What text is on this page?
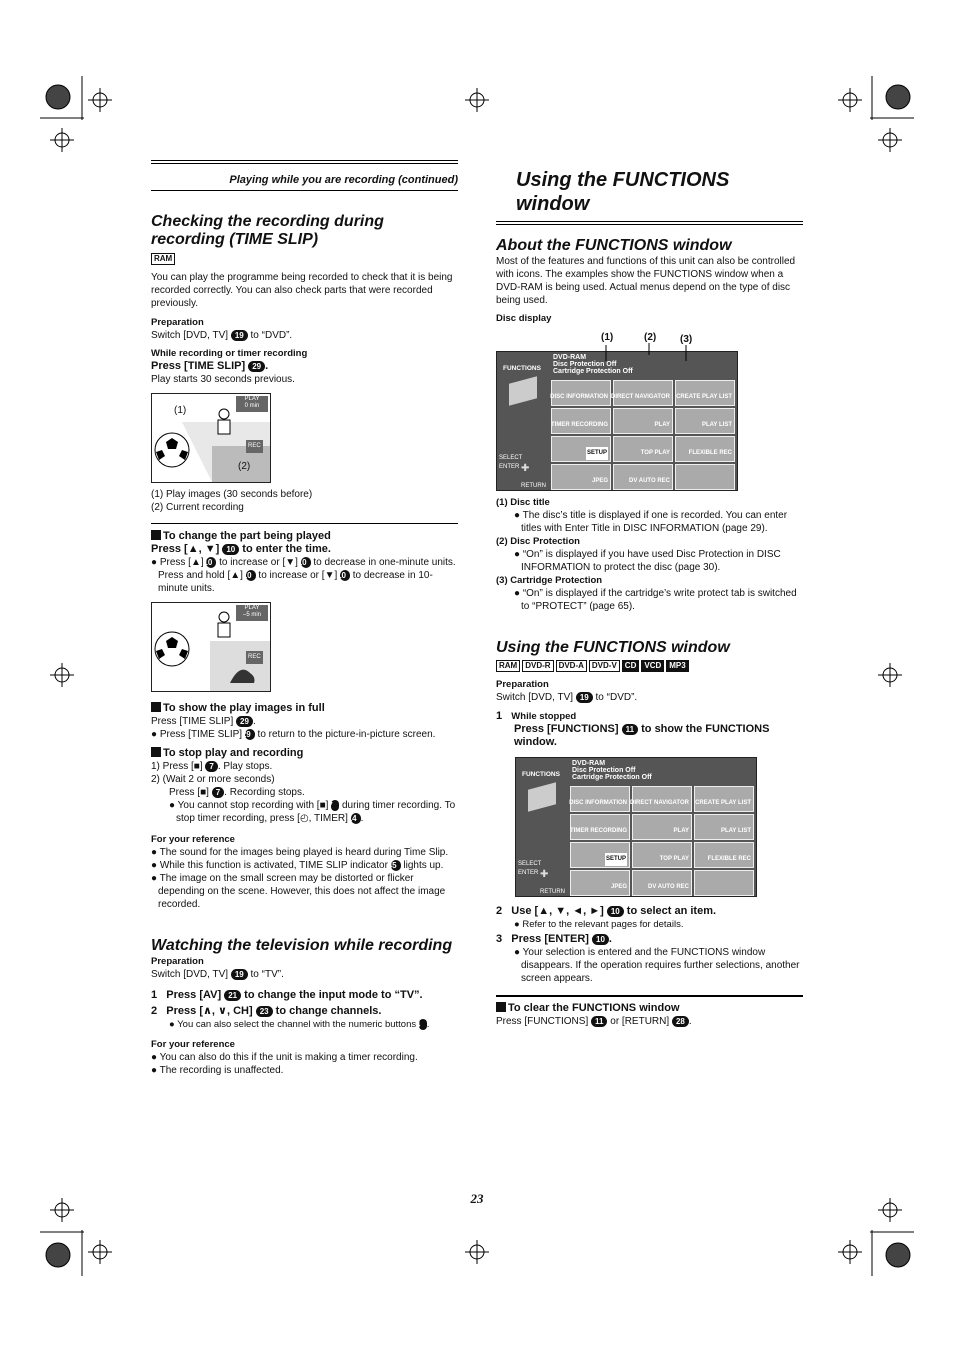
Playing while you are recording (continued)
Checking the recording during recording (TIME SLIP)
RAM

You can play the programme being recorded to check that it is being recorded correctly. You can also check parts that were recorded previously.

Preparation

Switch [DVD, TV] 19 to “DVD”.

While recording or timer recording

Press [TIME SLIP] 29 .

Play starts 30 seconds previous.

PLAY
0 min
REC
(1)
(2)

(1) Play images (30 seconds before)

(2) Current recording

To change the part being played

Press [▲, ▼] 10 to enter the time.

● Press [▲] 10 to increase or [▼] 10 to decrease in one-minute units. Press and hold [▲] 10 to increase or [▼] 10 to decrease in 10-minute units.

PLAY
–5 min
REC

To show the play images in full

Press [TIME SLIP] 29 .

● Press [TIME SLIP] 29 to return to the picture-in-picture screen.

To stop play and recording

1) Press [■] 7 . Play stops.

2) (Wait 2 or more seconds)

Press [■] 7 . Recording stops.

● You cannot stop recording with [■] 7 during timer recording. To stop timer recording, press [◴, TIMER] 14 .

For your reference

● The sound for the images being played is heard during Time Slip.

● While this function is activated, TIME SLIP indicator 45 lights up.

● The image on the small screen may be distorted or flicker depending on the scene. However, this does not affect the image recorded.

Watching the television while recording

Preparation

Switch [DVD, TV] 19 to “TV”.

1 Press [AV] 21 to change the input mode to “TV”.

2 Press [∧, ∨, CH] 23 to change channels.

● You can also select the channel with the numeric buttons 4 .

For your reference

● You can also do this if the unit is making a timer recording.

● The recording is unaffected.

Using the FUNCTIONS window
About the FUNCTIONS window

Most of the features and functions of this unit can also be controlled with icons. The examples show the FUNCTIONS window when a DVD-RAM is being used. Actual menus depend on the type of disc being used.

Disc display

(1)	(2) (3)
FUNCTIONS
DVD-RAM
Disc Protection Off
Cartridge Protection Off
SELECT
ENTER
RETURN
✚
DISC INFORMATION DIRECT NAVIGATOR CREATE PLAY LIST
TIMER RECORDING	PLAY	PLAY LIST
SETUP	TOP PLAY	FLEXIBLE REC
JPEG	DV AUTO REC

(1) Disc title

● The disc’s title is displayed if one is recorded. You can enter titles with Enter Title in DISC INFORMATION (page 29).

(2) Disc Protection

● “On” is displayed if you have used Disc Protection in DISC INFORMATION to protect the disc (page 30).

(3) Cartridge Protection

● “On” is displayed if the cartridge’s write protect tab is switched to “PROTECT” (page 65).

Using the FUNCTIONS window
RAM DVD-R DVD-A DVD-V CD VCD MP3

Preparation

Switch [DVD, TV] 19 to “DVD”.

1 While stopped

Press [FUNCTIONS] 11 to show the FUNCTIONS window.

FUNCTIONS
DVD-RAM
Disc Protection Off
Cartridge Protection Off
SELECT
ENTER
RETURN
✚
DISC INFORMATION DIRECT NAVIGATOR CREATE PLAY LIST
TIMER RECORDING	PLAY	PLAY LIST
SETUP	TOP PLAY	FLEXIBLE REC
JPEG	DV AUTO REC

2 Use [▲, ▼, ◄, ►] 10 to select an item.

● Refer to the relevant pages for details.

3 Press [ENTER] 10 .

● Your selection is entered and the FUNCTIONS window disappears. If the operation requires further selections, another screen appears.

To clear the FUNCTIONS window

Press [FUNCTIONS] 11 or [RETURN] 28 .

23
